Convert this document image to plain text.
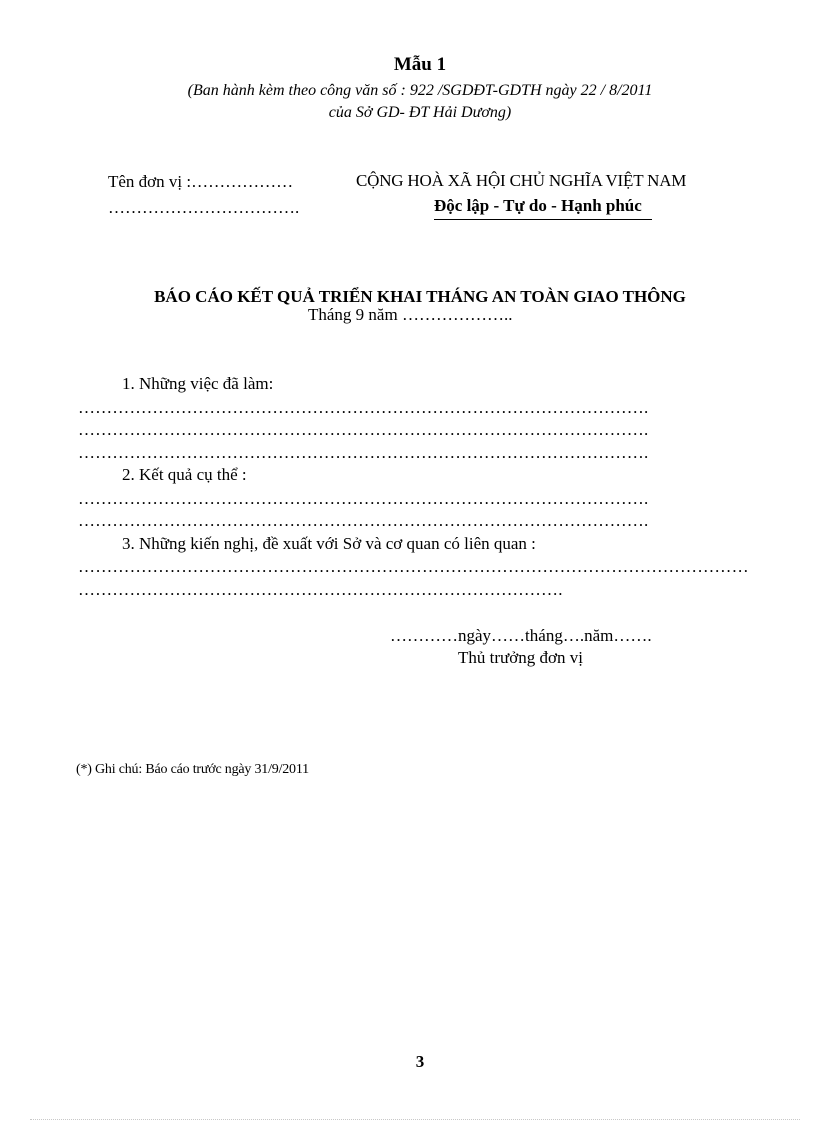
Mẫu 1
(Ban hành kèm theo công văn số : 922 /SGDĐT-GDTH ngày 22 / 8/2011
của Sở GD- ĐT Hải Dương)
Tên đơn vị :………………
…………………………….
CỘNG HOÀ XÃ HỘI CHỦ NGHĨA VIỆT NAM
Độc lập - Tự do - Hạnh phúc
BÁO CÁO KẾT QUẢ TRIỂN KHAI THÁNG AN TOÀN GIAO THÔNG
Tháng 9 năm ………………..
1. Những việc đã làm:
……………………………………………………………………………………….
……………………………………………………………………………………….
……………………………………………………………………………………….
2. Kết quả cụ thể :
……………………………………………………………………………………….
……………………………………………………………………………………….
3. Những kiến nghị, đề xuất với Sở và cơ quan có liên quan :
………………………………………………………………………………………………………
………………………………………………………………………….
…………ngày……tháng….năm…….
Thủ trưởng đơn vị
(*) Ghi chú: Báo cáo trước ngày 31/9/2011
3
